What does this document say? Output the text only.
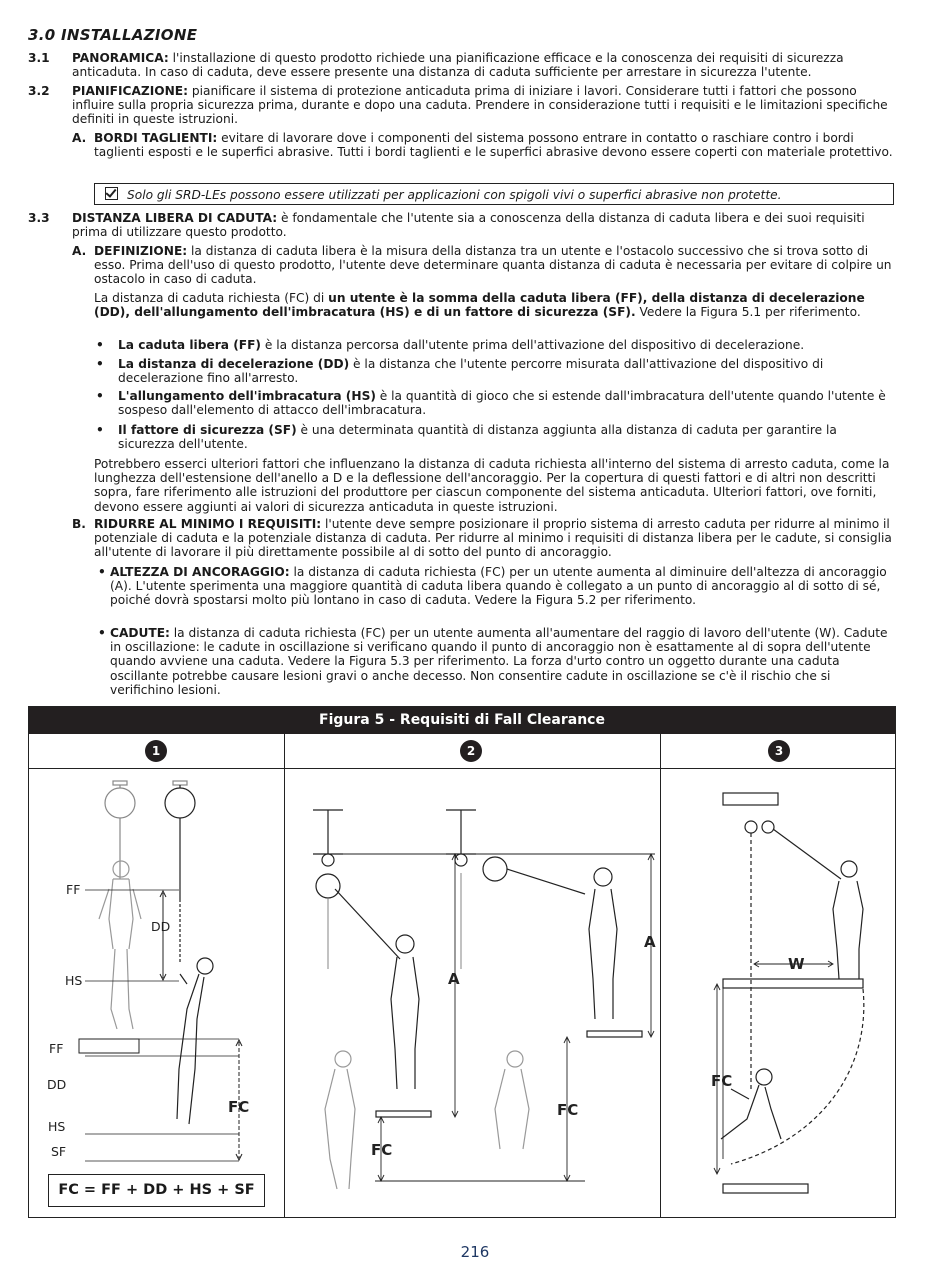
3.0 INSTALLAZIONE
3.1 PANORAMICA: l'installazione di questo prodotto richiede una pianificazione efficace e la conoscenza dei requisiti di sicurezza anticaduta. In caso di caduta, deve essere presente una distanza di caduta sufficiente per arrestare in sicurezza l'utente.
3.2 PIANIFICAZIONE: pianificare il sistema di protezione anticaduta prima di iniziare i lavori. Considerare tutti i fattori che possono influire sulla propria sicurezza prima, durante e dopo una caduta. Prendere in considerazione tutti i requisiti e le limitazioni specifiche definiti in queste istruzioni.
A. BORDI TAGLIENTI: evitare di lavorare dove i componenti del sistema possono entrare in contatto o raschiare contro i bordi taglienti esposti e le superfici abrasive. Tutti i bordi taglienti e le superfici abrasive devono essere coperti con materiale protettivo.
Solo gli SRD-LEs possono essere utilizzati per applicazioni con spigoli vivi o superfici abrasive non protette.
3.3 DISTANZA LIBERA DI CADUTA: è fondamentale che l'utente sia a conoscenza della distanza di caduta libera e dei suoi requisiti prima di utilizzare questo prodotto.
A. DEFINIZIONE: la distanza di caduta libera è la misura della distanza tra un utente e l'ostacolo successivo che si trova sotto di esso. Prima dell'uso di questo prodotto, l'utente deve determinare quanta distanza di caduta è necessaria per evitare di colpire un ostacolo in caso di caduta.
La distanza di caduta richiesta (FC) di un utente è la somma della caduta libera (FF), della distanza di decelerazione (DD), dell'allungamento dell'imbracatura (HS) e di un fattore di sicurezza (SF). Vedere la Figura 5.1 per riferimento.
• La caduta libera (FF) è la distanza percorsa dall'utente prima dell'attivazione del dispositivo di decelerazione.
• La distanza di decelerazione (DD) è la distanza che l'utente percorre misurata dall'attivazione del dispositivo di decelerazione fino all'arresto.
• L'allungamento dell'imbracatura (HS) è la quantità di gioco che si estende dall'imbracatura dell'utente quando l'utente è sospeso dall'elemento di attacco dell'imbracatura.
• Il fattore di sicurezza (SF) è una determinata quantità di distanza aggiunta alla distanza di caduta per garantire la sicurezza dell'utente.
Potrebbero esserci ulteriori fattori che influenzano la distanza di caduta richiesta all'interno del sistema di arresto caduta, come la lunghezza dell'estensione dell'anello a D e la deflessione dell'ancoraggio. Per la copertura di questi fattori e di altri non descritti sopra, fare riferimento alle istruzioni del produttore per ciascun componente del sistema anticaduta. Ulteriori fattori, ove forniti, devono essere aggiunti ai valori di sicurezza anticaduta in queste istruzioni.
B. RIDURRE AL MINIMO I REQUISITI: l'utente deve sempre posizionare il proprio sistema di arresto caduta per ridurre al minimo il potenziale di caduta e la potenziale distanza di caduta. Per ridurre al minimo i requisiti di distanza libera per le cadute, si consiglia all'utente di lavorare il più direttamente possibile al di sotto del punto di ancoraggio.
• ALTEZZA DI ANCORAGGIO: la distanza di caduta richiesta (FC) per un utente aumenta al diminuire dell'altezza di ancoraggio (A). L'utente sperimenta una maggiore quantità di caduta libera quando è collegato a un punto di ancoraggio al di sotto di sé, poiché dovrà spostarsi molto più lontano in caso di caduta. Vedere la Figura 5.2 per riferimento.
• CADUTE: la distanza di caduta richiesta (FC) per un utente aumenta all'aumentare del raggio di lavoro dell'utente (W). Cadute in oscillazione: le cadute in oscillazione si verificano quando il punto di ancoraggio non è esattamente al di sopra dell'utente quando avviene una caduta. Vedere la Figura 5.3 per riferimento. La forza d'urto contro un oggetto durante una caduta oscillante potrebbe causare lesioni gravi o anche decesso. Non consentire cadute in oscillazione se c'è il rischio che si verifichino lesioni.
Figura 5 - Requisiti di Fall Clearance
1	2	3
FF
DD
HS
FF
DD
HS
SF
FC
FC = FF + DD + HS + SF
A
A
FC
FC
W
FC
216
